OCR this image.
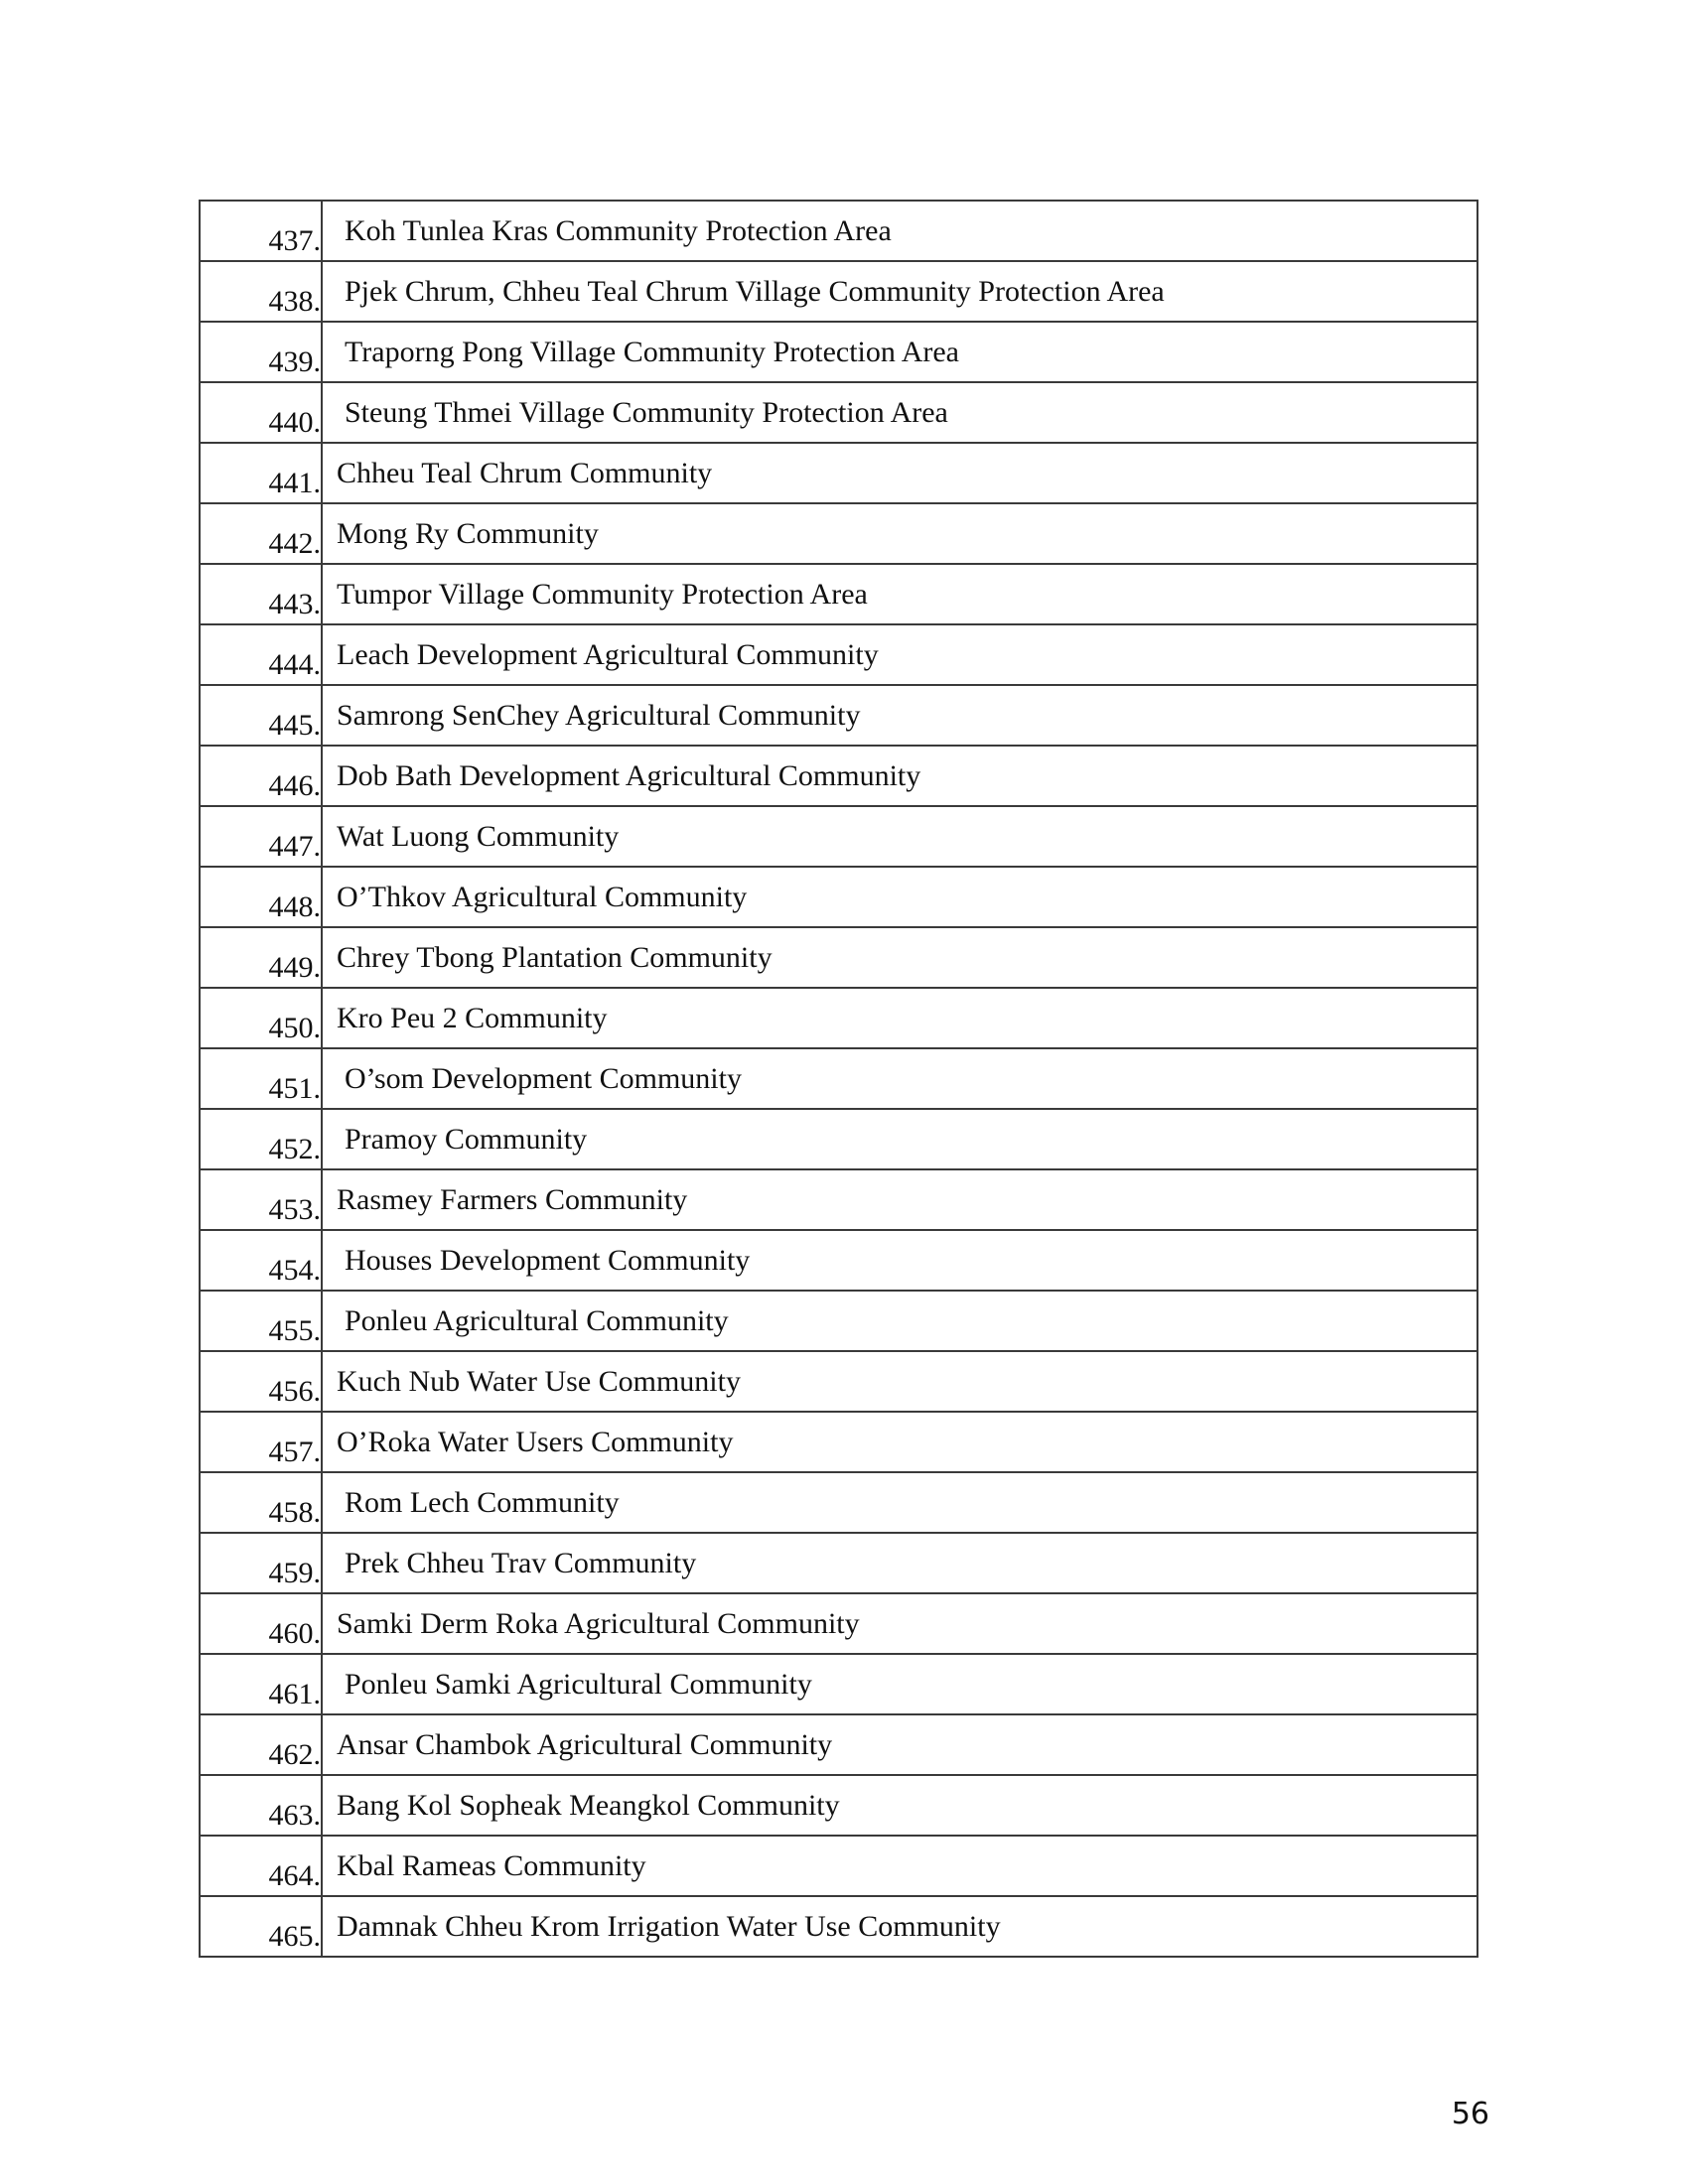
437.	Koh Tunlea Kras Community Protection Area

438.	Pjek Chrum, Chheu Teal Chrum Village Community Protection Area

439.	Traporng Pong Village Community Protection Area

440.	Steung Thmei Village Community Protection Area

441.	Chheu Teal Chrum Community

442.	Mong Ry Community

443.	Tumpor Village Community Protection Area

444.	Leach Development Agricultural Community

445.	Samrong SenChey Agricultural Community

446.	Dob Bath Development Agricultural Community

447.	Wat Luong Community

448.	O’Thkov Agricultural Community

449.	Chrey Tbong Plantation Community

450.	Kro Peu 2 Community

451.	O’som Development Community

452.	Pramoy Community

453.	Rasmey Farmers Community

454.	Houses Development Community

455.	Ponleu Agricultural Community

456.	Kuch Nub Water Use Community

457.	O’Roka Water Users Community

458.	Rom Lech Community

459.	Prek Chheu Trav Community

460.	Samki Derm Roka Agricultural Community

461.	Ponleu Samki Agricultural Community

462.	Ansar Chambok Agricultural Community

463.	Bang Kol Sopheak Meangkol Community

464.	Kbal Rameas Community

465.	Damnak Chheu Krom Irrigation Water Use Community
56
